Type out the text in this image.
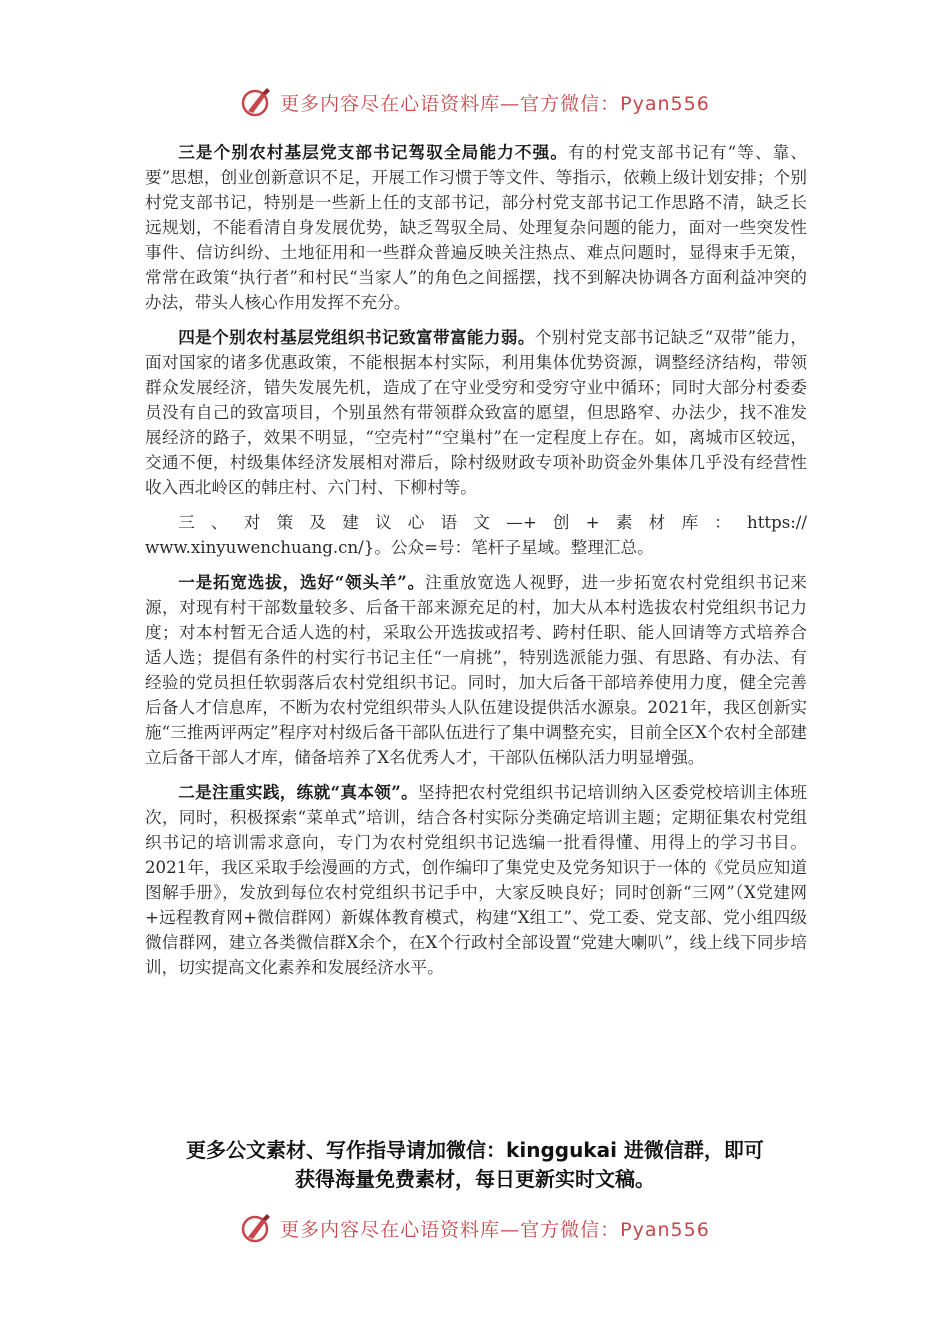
更多内容尽在心语资料库—官方微信：Pyan556

三是个别农村基层党支部书记驾驭全局能力不强。有的村党支部书记有“等、靠、要”思想，创业创新意识不足，开展工作习惯于等文件、等指示，依赖上级计划安排；个别村党支部书记，特别是一些新上任的支部书记，部分村党支部书记工作思路不清，缺乏长远规划，不能看清自身发展优势，缺乏驾驭全局、处理复杂问题的能力，面对一些突发性事件、信访纠纷、土地征用和一些群众普遍反映关注热点、难点问题时，显得束手无策，常常在政策“执行者”和村民“当家人”的角色之间摇摆，找不到解决协调各方面利益冲突的办法，带头人核心作用发挥不充分。

四是个别农村基层党组织书记致富带富能力弱。个别村党支部书记缺乏“双带”能力，面对国家的诸多优惠政策，不能根据本村实际，利用集体优势资源，调整经济结构，带领群众发展经济，错失发展先机，造成了在守业受穷和受穷守业中循环；同时大部分村委委员没有自己的致富项目，个别虽然有带领群众致富的愿望，但思路窄、办法少，找不准发展经济的路子，效果不明显，“空壳村”“空巢村”在一定程度上存在。如，离城市区较远，交通不便，村级集体经济发展相对滞后，除村级财政专项补助资金外集体几乎没有经营性收入西北岭区的韩庄村、六门村、下柳村等。

三、对策及建议心语文—+创+素材库：https://
www.xinyuwenchuang.cn/}。公众=号：笔杆子星域。整理汇总。

一是拓宽选拔，选好“领头羊”。注重放宽选人视野，进一步拓宽农村党组织书记来源，对现有村干部数量较多、后备干部来源充足的村，加大从本村选拔农村党组织书记力度；对本村暂无合适人选的村，采取公开选拔或招考、跨村任职、能人回请等方式培养合适人选；提倡有条件的村实行书记主任“一肩挑”，特别选派能力强、有思路、有办法、有经验的党员担任软弱落后农村党组织书记。同时，加大后备干部培养使用力度，健全完善后备人才信息库，不断为农村党组织带头人队伍建设提供活水源泉。2021年，我区创新实施“三推两评两定”程序对村级后备干部队伍进行了集中调整充实，目前全区X个农村全部建立后备干部人才库，储备培养了X名优秀人才，干部队伍梯队活力明显增强。

二是注重实践，练就“真本领”。坚持把农村党组织书记培训纳入区委党校培训主体班次，同时，积极探索“菜单式”培训，结合各村实际分类确定培训主题；定期征集农村党组织书记的培训需求意向，专门为农村党组织书记选编一批看得懂、用得上的学习书目。2021年，我区采取手绘漫画的方式，创作编印了集党史及党务知识于一体的《党员应知道图解手册》，发放到每位农村党组织书记手中，大家反映良好；同时创新“三网”（X党建网+远程教育网+微信群网）新媒体教育模式，构建“X组工”、党工委、党支部、党小组四级微信群网，建立各类微信群X余个，在X个行政村全部设置“党建大喇叭”，线上线下同步培训，切实提高文化素养和发展经济水平。

更多公文素材、写作指导请加微信：kinggukai 进微信群，即可
获得海量免费素材，每日更新实时文稿。
更多内容尽在心语资料库—官方微信：Pyan556
